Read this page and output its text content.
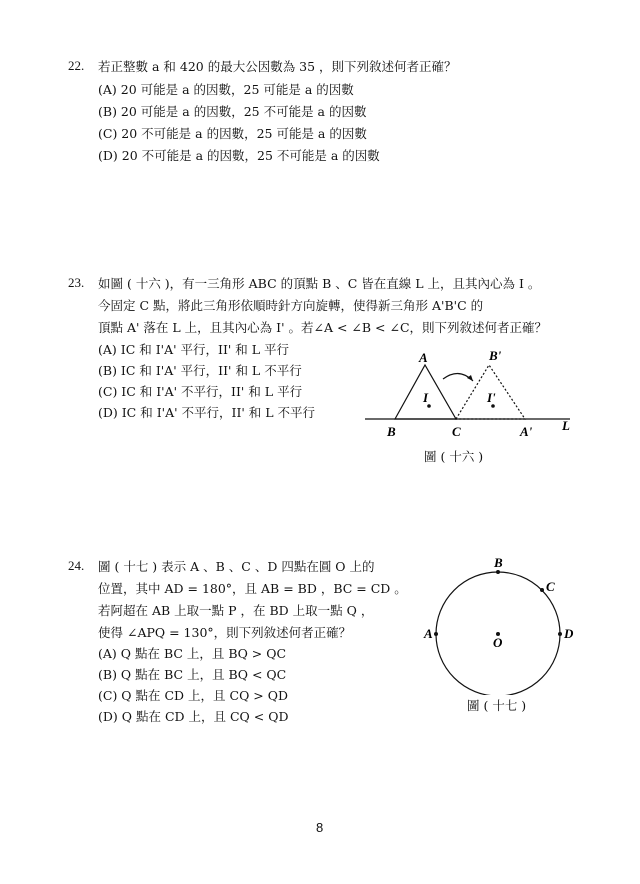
22. 若正整數 a 和 420 的最大公因數為 35 ，則下列敘述何者正確？
(A) 20 可能是 a 的因數，25 可能是 a 的因數
(B) 20 可能是 a 的因數，25 不可能是 a 的因數
(C) 20 不可能是 a 的因數，25 可能是 a 的因數
(D) 20 不可能是 a 的因數，25 不可能是 a 的因數
23. 如圖 ( 十六 )，有一三角形 ABC 的頂點 B 、C 皆在直線 L 上，且其內心為 I 。
今固定 C 點，將此三角形依順時針方向旋轉，使得新三角形 A'B'C 的
頂點 A' 落在 L 上，且其內心為 I' 。若∠A < ∠B < ∠C，則下列敘述何者正確？
(A) IC 和 I'A' 平行，II' 和 L 平行
(B) IC 和 I'A' 平行，II' 和 L 不平行
(C) IC 和 I'A' 不平行，II' 和 L 平行
(D) IC 和 I'A' 不平行，II' 和 L 不平行
A	B'
B	C	A' L
I	I'
圖 ( 十六 )
24. 圖 ( 十七 ) 表示 A 、B 、C 、D 四點在圓 O 上的
位置，其中 AD = 180°，且 AB = BD ，BC = CD 。
若阿超在 AB 上取一點 P ，在 BD 上取一點 Q ，
使得 ∠APQ = 130°，則下列敘述何者正確？
(A) Q 點在 BC 上，且 BQ > QC
(B) Q 點在 BC 上，且 BQ < QC
(C) Q 點在 CD 上，且 CQ > QD
(D) Q 點在 CD 上，且 CQ < QD
B
C
A	D
O
圖 ( 十七 )
8
